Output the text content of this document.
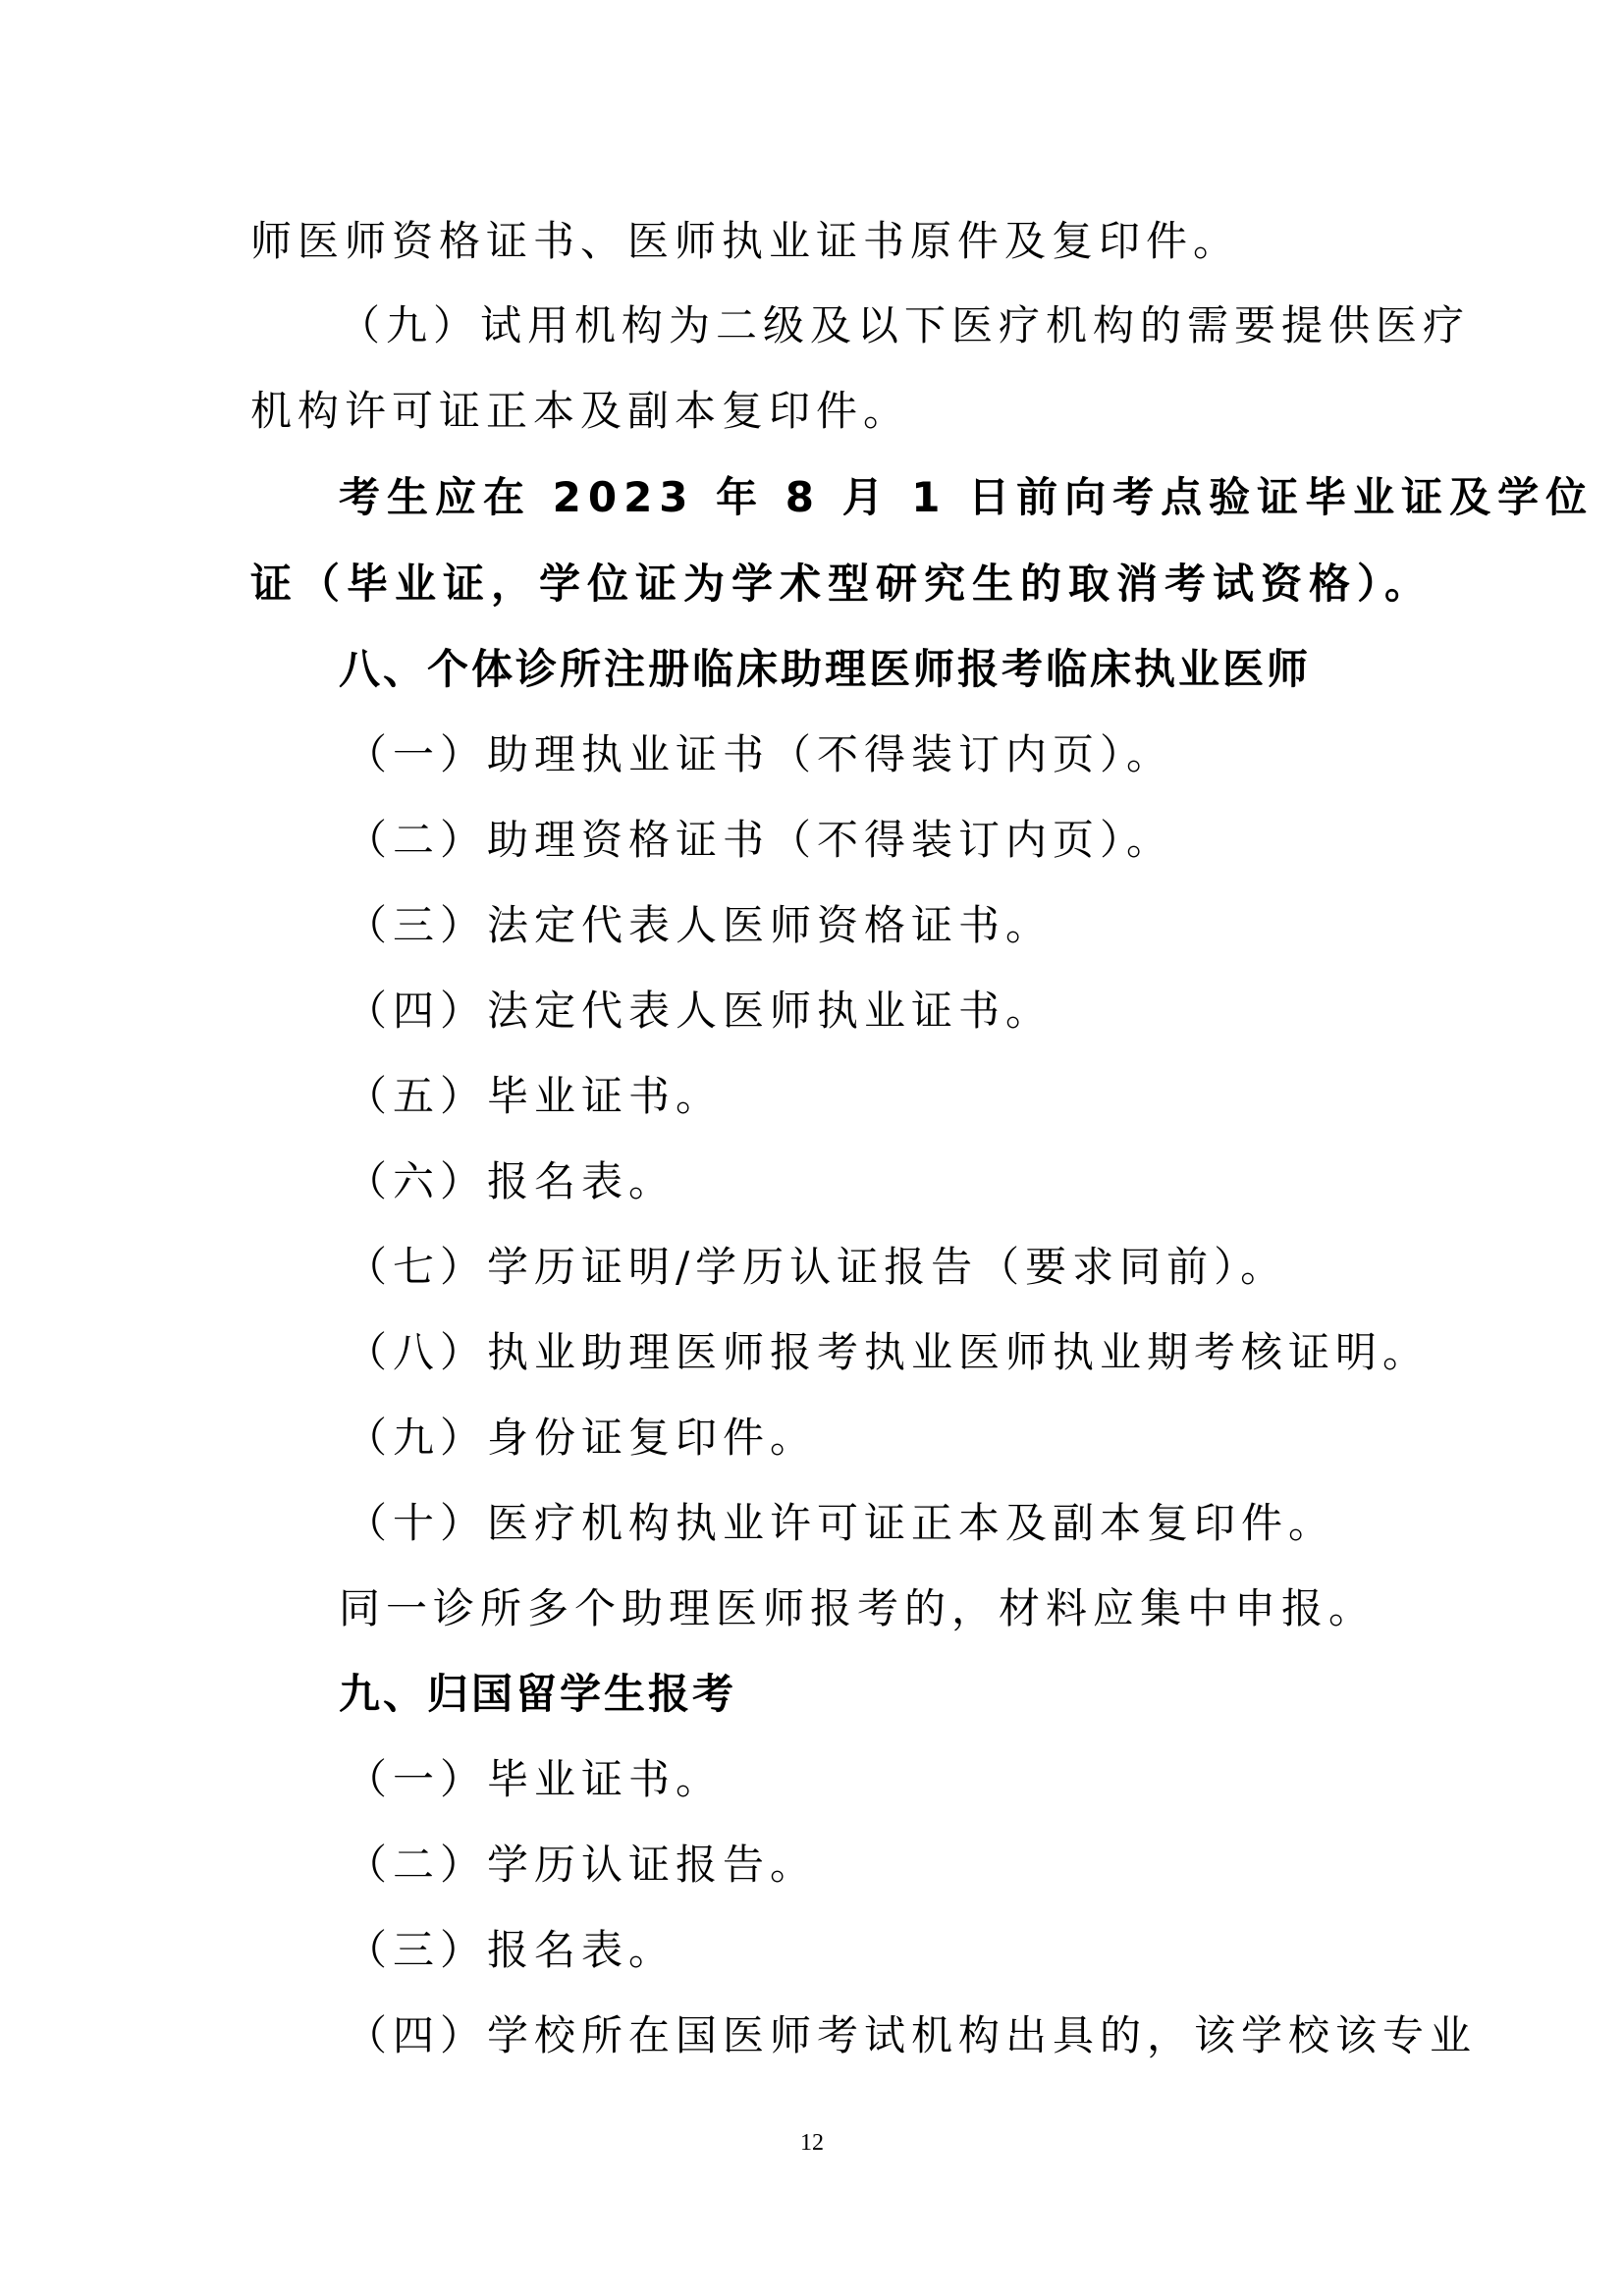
师医师资格证书、医师执业证书原件及复印件。
（九）试用机构为二级及以下医疗机构的需要提供医疗
机构许可证正本及副本复印件。
考生应在 2023 年 8 月 1 日前向考点验证毕业证及学位
证（毕业证，学位证为学术型研究生的取消考试资格）。
八、个体诊所注册临床助理医师报考临床执业医师
（一）助理执业证书（不得装订内页）。
（二）助理资格证书（不得装订内页）。
（三）法定代表人医师资格证书。
（四）法定代表人医师执业证书。
（五）毕业证书。
（六）报名表。
（七）学历证明/学历认证报告（要求同前）。
（八）执业助理医师报考执业医师执业期考核证明。
（九）身份证复印件。
（十）医疗机构执业许可证正本及副本复印件。
同一诊所多个助理医师报考的，材料应集中申报。
九、归国留学生报考
（一）毕业证书。
（二）学历认证报告。
（三）报名表。
（四）学校所在国医师考试机构出具的，该学校该专业
12
